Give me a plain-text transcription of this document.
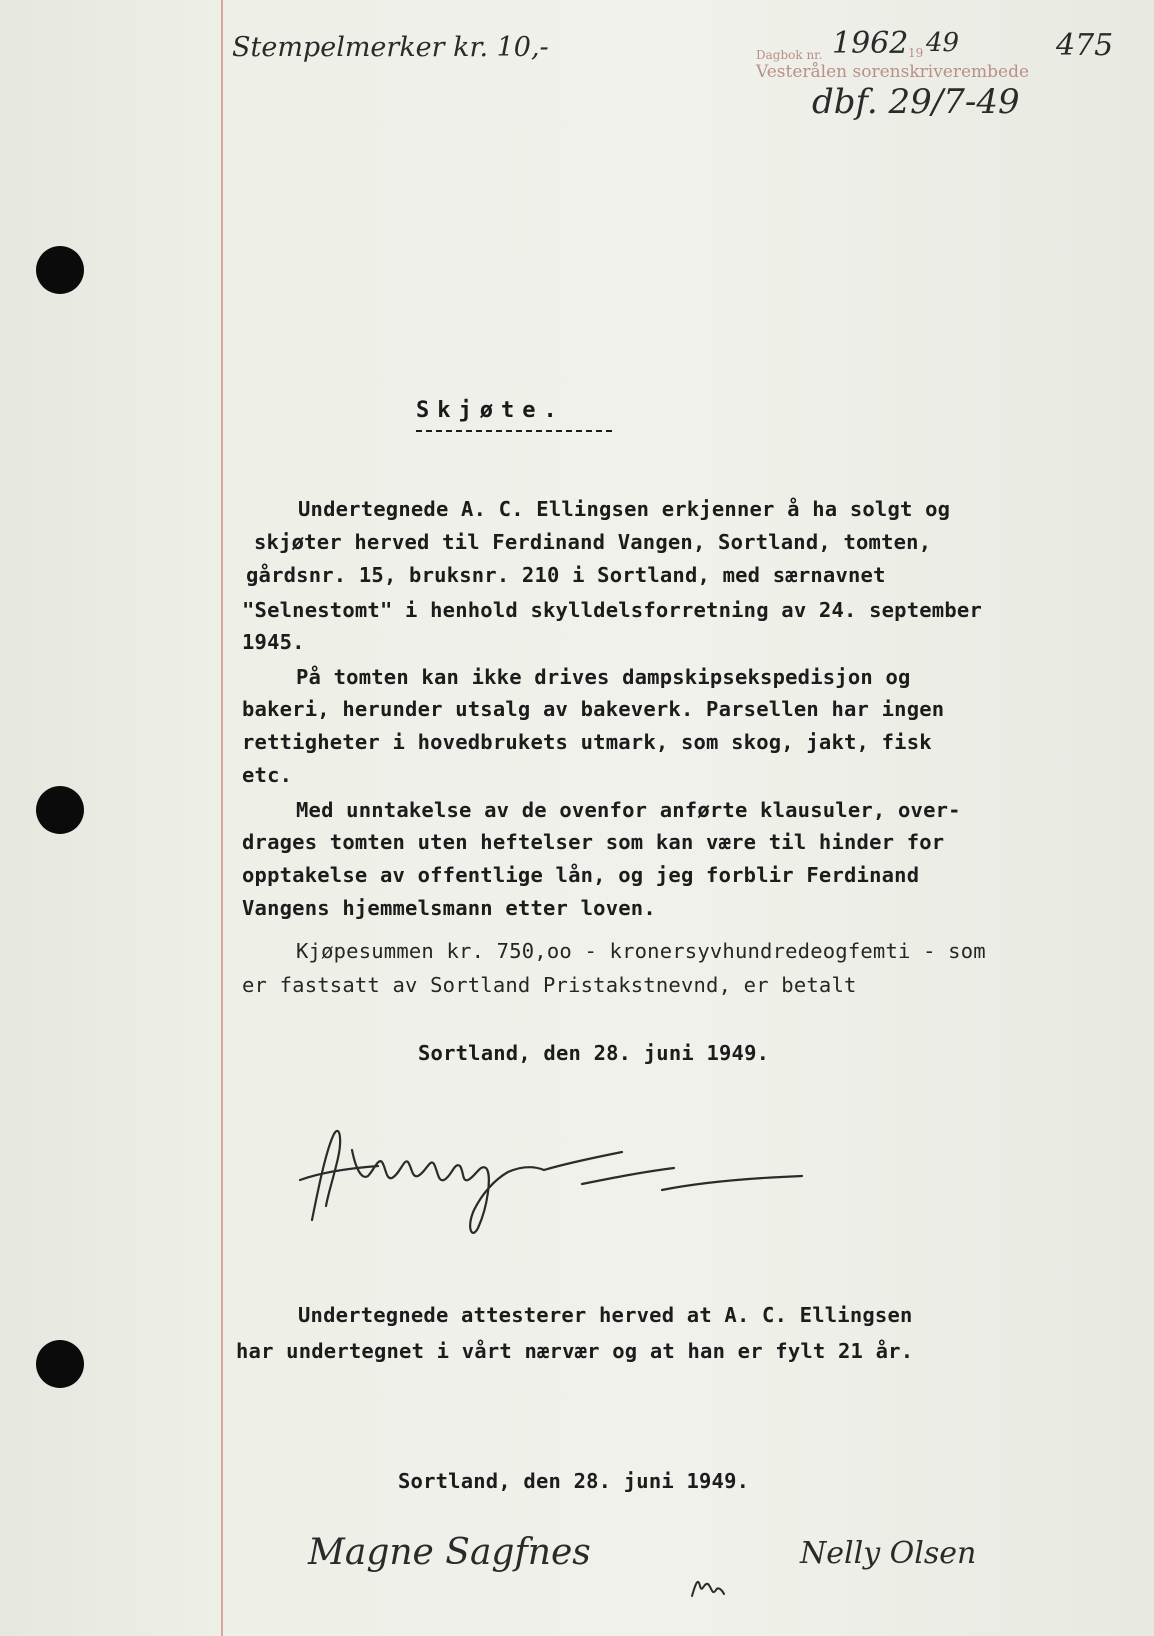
Stempelmerker kr. 10,-	Dagbok nr. 1962 19 49
Vesterålen sorenskriverembede
475
dbf. 29/7-49
Skjøte.
Undertegnede A. C. Ellingsen erkjenner å ha solgt og
skjøter herved til Ferdinand Vangen, Sortland, tomten,
gårdsnr. 15, bruksnr. 210 i Sortland, med særnavnet
"Selnestomt" i henhold skylldelsforretning av 24. september
1945.
På tomten kan ikke drives dampskipsekspedisjon og
bakeri, herunder utsalg av bakeverk. Parsellen har ingen
rettigheter i hovedbrukets utmark, som skog, jakt, fisk
etc.
Med unntakelse av de ovenfor anførte klausuler, over-
drages tomten uten heftelser som kan være til hinder for
opptakelse av offentlige lån, og jeg forblir Ferdinand
Vangens hjemmelsmann etter loven.
Kjøpesummen kr. 750,oo - kronersyvhundredeogfemti - som
er fastsatt av Sortland Pristakstnevnd, er betalt
Sortland, den 28. juni 1949.
Undertegnede attesterer herved at A. C. Ellingsen
har undertegnet i vårt nærvær og at han er fylt 21 år.
Sortland, den 28. juni 1949.
Magne Sagfnes	Nelly Olsen
